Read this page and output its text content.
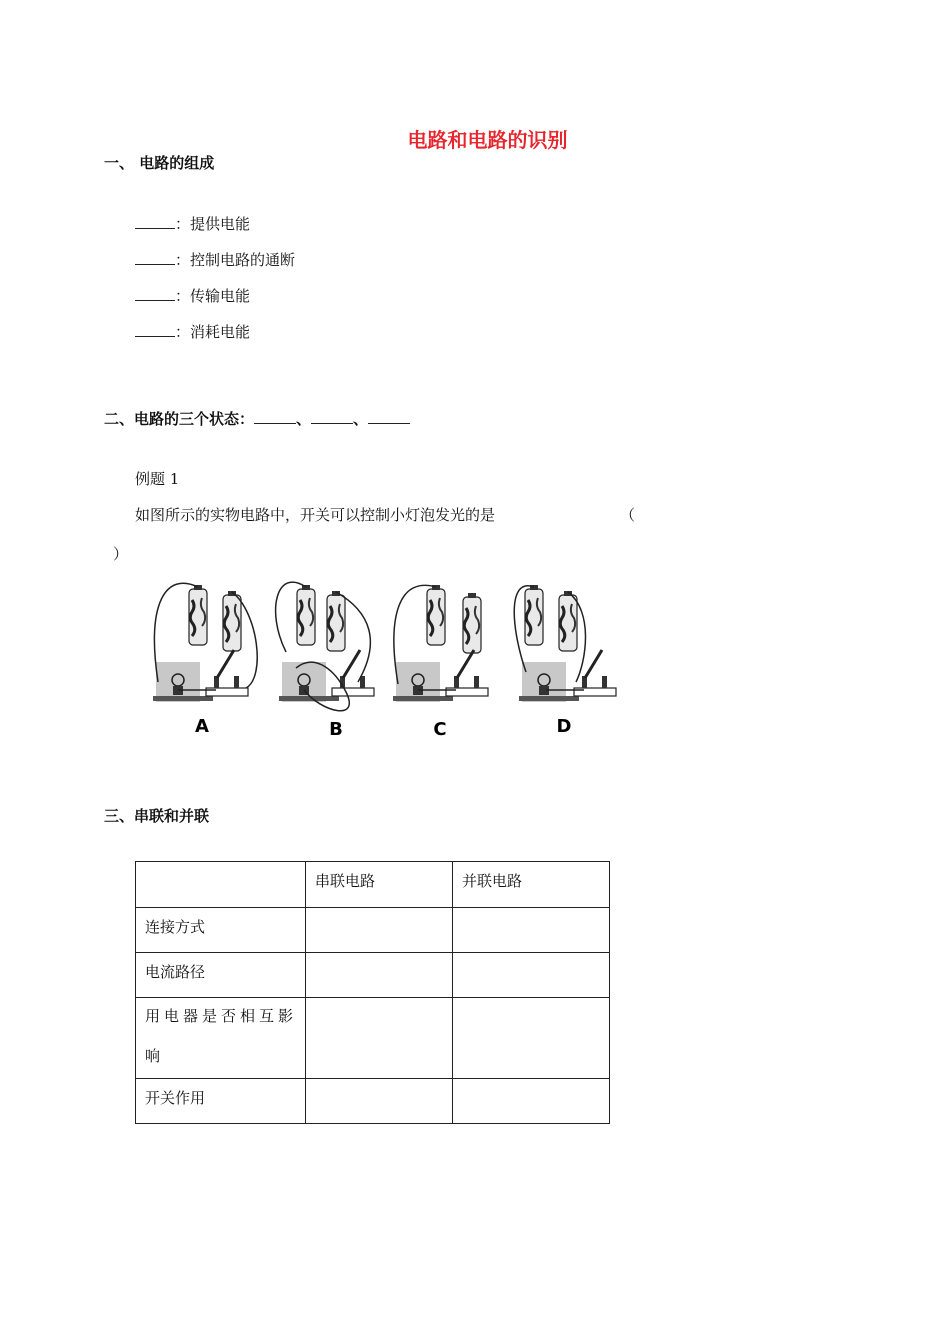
电路和电路的识别
一、 电路的组成
：提供电能
：控制电路的通断
：传输电能
：消耗电能
二、电路的三个状态：	、	、
例题 1
如图所示的实物电路中，开关可以控制小灯泡发光的是	（
）
A	B	C	D
三、串联和并联
	串联电路	并联电路
连接方式		
电流路径		

用电器是否相互影
响		

开关作用		
